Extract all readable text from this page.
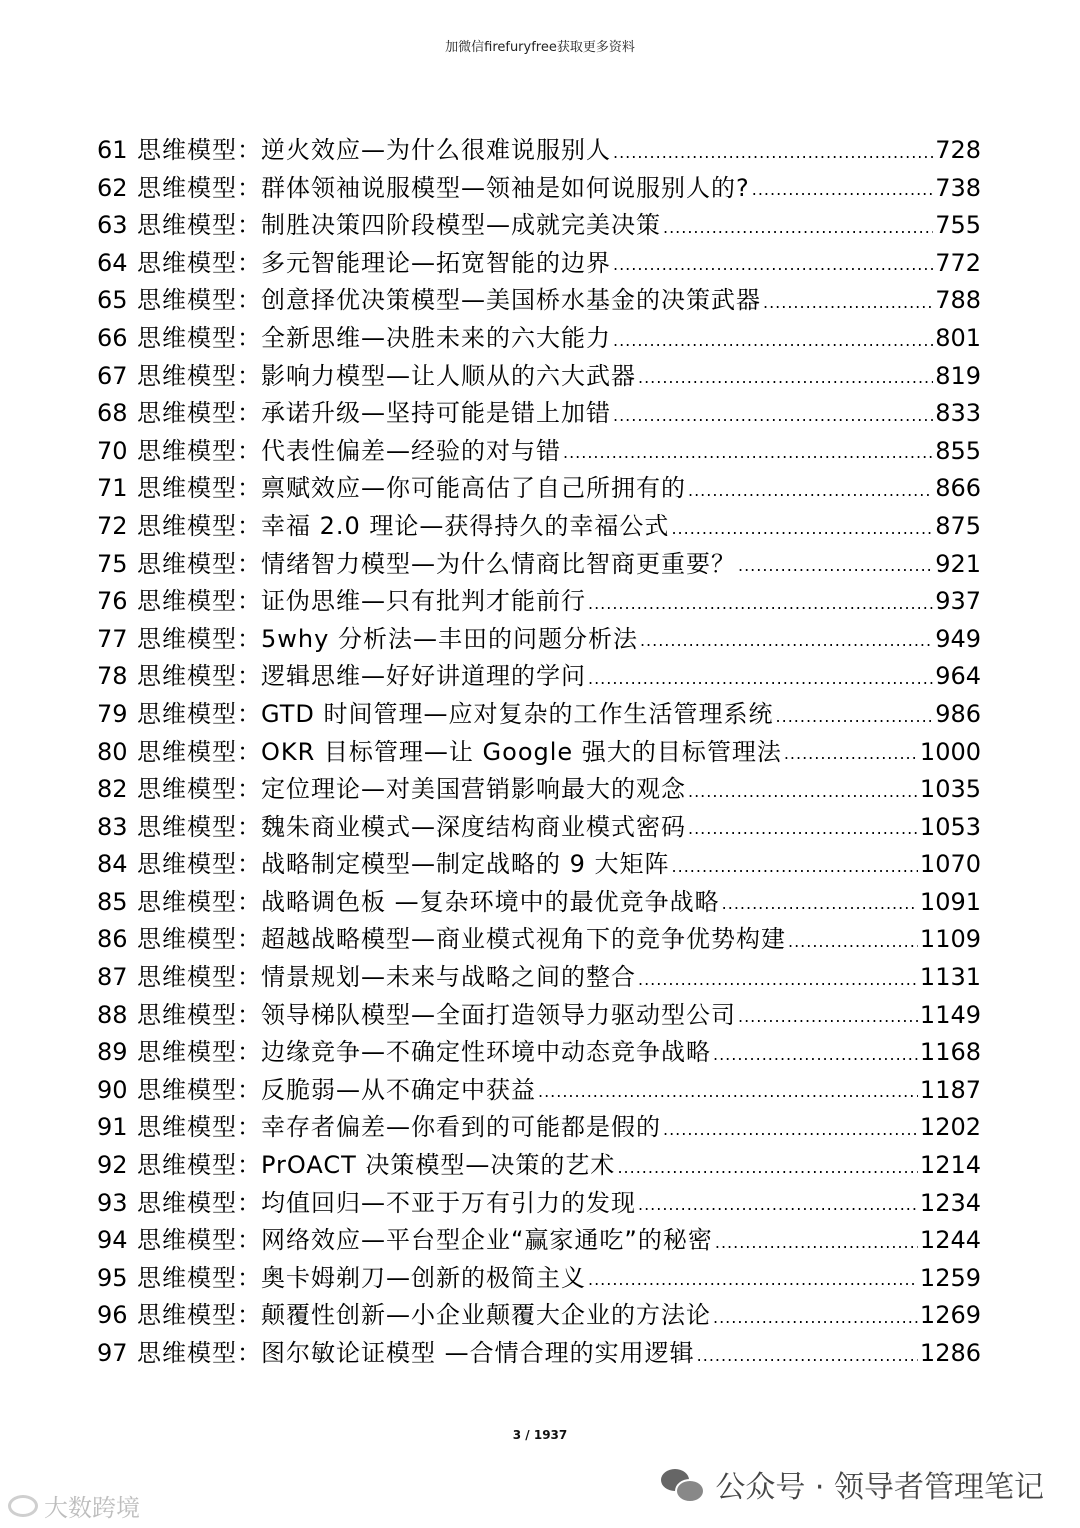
加微信firefuryfree获取更多资料
61 思维模型 ： 逆火效应—为什么很难说服别人 .....	728
62 思维模型 ： 群体领袖说服模型—领袖是如何说服别人的? .....	738
63 思维模型 ： 制胜决策四阶段模型—成就完美决策 .....	755
64 思维模型 ： 多元智能理论—拓宽智能的边界 .....	772
65 思维模型 ： 创意择优决策模型—美国桥水基金的决策武器 .....	788
66 思维模型 ： 全新思维—决胜未来的六大能力 .....	801
67 思维模型 ： 影响力模型—让人顺从的六大武器 .....	819
68 思维模型 ： 承诺升级—坚持可能是错上加错 .....	833
70 思维模型 ： 代表性偏差—经验的对与错 .....	855
71 思维模型 ： 禀赋效应—你可能高估了自己所拥有的 .....	866
72 思维模型 ： 幸福 2.0 理论—获得持久的幸福公式 .....	875
75 思维模型 ： 情绪智力模型—为什么情商比智商更重要？ .....	921
76 思维模型 ： 证伪思维—只有批判才能前行 .....	937
77 思维模型 ： 5why 分析法—丰田的问题分析法 .....	949
78 思维模型 ： 逻辑思维—好好讲道理的学问 .....	964
79 思维模型 ： GTD 时间管理—应对复杂的工作生活管理系统 .....	986
80 思维模型 ： OKR 目标管理—让 Google 强大的目标管理法 .....	1000
82 思维模型 ： 定位理论—对美国营销影响最大的观念 .....	1035
83 思维模型 ： 魏朱商业模式—深度结构商业模式密码 .....	1053
84 思维模型 ： 战略制定模型—制定战略的 9 大矩阵 .....	1070
85 思维模型 ： 战略调色板 —复杂环境中的最优竞争战略 .....	1091
86 思维模型 ： 超越战略模型—商业模式视角下的竞争优势构建 .....	1109
87 思维模型 ： 情景规划—未来与战略之间的整合 .....	1131
88 思维模型 ： 领导梯队模型—全面打造领导力驱动型公司 .....	1149
89 思维模型 ： 边缘竞争—不确定性环境中动态竞争战略 .....	1168
90 思维模型 ： 反脆弱—从不确定中获益 .....	1187
91 思维模型 ： 幸存者偏差—你看到的可能都是假的 .....	1202
92 思维模型 ： PrOACT 决策模型—决策的艺术 .....	1214
93 思维模型 ： 均值回归—不亚于万有引力的发现 .....	1234
94 思维模型 ： 网络效应—平台型企业“赢家通吃”的秘密 .....	1244
95 思维模型 ： 奥卡姆剃刀—创新的极简主义 .....	1259
96 思维模型 ： 颠覆性创新—小企业颠覆大企业的方法论 .....	1269
97 思维模型 ： 图尔敏论证模型 —合情合理的实用逻辑 .....	1286
3 / 1937
公众号 · 领导者管理笔记
大数跨境
